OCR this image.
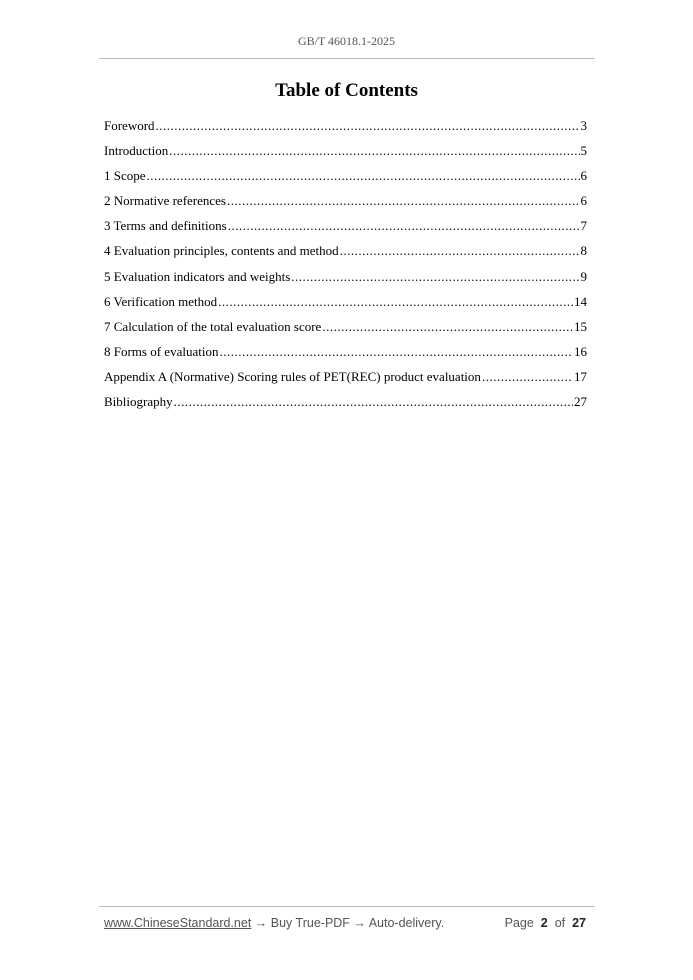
GB/T 46018.1-2025
Table of Contents
Foreword .....	3
Introduction .....	5
1 Scope .....	6
2 Normative references .....	6
3 Terms and definitions .....	7
4 Evaluation principles, contents and method .....	8
5 Evaluation indicators and weights .....	9
6 Verification method .....	14
7 Calculation of the total evaluation score .....	15
8 Forms of evaluation .....	16
Appendix A (Normative) Scoring rules of PET(REC) product evaluation .....	17
Bibliography .....	27
www.ChineseStandard.net → Buy True-PDF → Auto-delivery.	Page 2 of 27
